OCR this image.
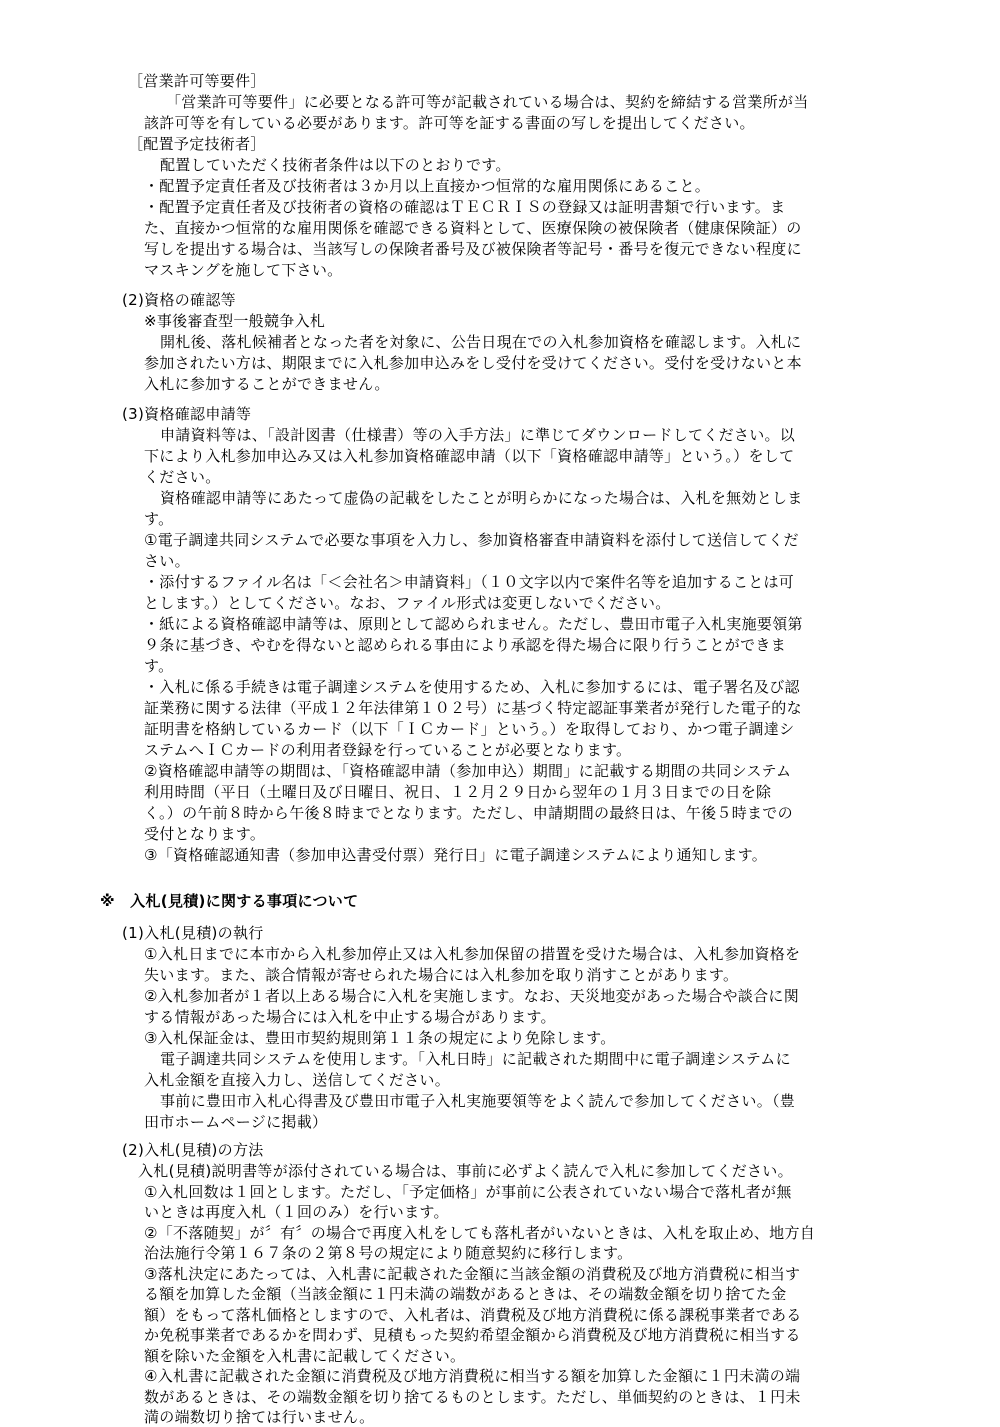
［営業許可等要件］
「営業許可等要件」に必要となる許可等が記載されている場合は、契約を締結する営業所が当
該許可等を有している必要があります。許可等を証する書面の写しを提出してください。
［配置予定技術者］
配置していただく技術者条件は以下のとおりです。
・配置予定責任者及び技術者は３か月以上直接かつ恒常的な雇用関係にあること。
・配置予定責任者及び技術者の資格の確認はＴＥＣＲＩＳの登録又は証明書類で行います。ま
た、直接かつ恒常的な雇用関係を確認できる資料として、医療保険の被保険者（健康保険証）の
写しを提出する場合は、当該写しの保険者番号及び被保険者等記号・番号を復元できない程度に
マスキングを施して下さい。
(2)資格の確認等
※事後審査型一般競争入札
開札後、落札候補者となった者を対象に、公告日現在での入札参加資格を確認します。入札に
参加されたい方は、期限までに入札参加申込みをし受付を受けてください。受付を受けないと本
入札に参加することができません。
(3)資格確認申請等
申請資料等は、「設計図書（仕様書）等の入手方法」に準じてダウンロードしてください。以
下により入札参加申込み又は入札参加資格確認申請（以下「資格確認申請等」という。）をして
ください。
資格確認申請等にあたって虚偽の記載をしたことが明らかになった場合は、入札を無効としま
す。
①電子調達共同システムで必要な事項を入力し、参加資格審査申請資料を添付して送信してくだ
さい。
・添付するファイル名は「＜会社名＞申請資料」（１０文字以内で案件名等を追加することは可
とします。）としてください。なお、ファイル形式は変更しないでください。
・紙による資格確認申請等は、原則として認められません。ただし、豊田市電子入札実施要領第
９条に基づき、やむを得ないと認められる事由により承認を得た場合に限り行うことができま
す。
・入札に係る手続きは電子調達システムを使用するため、入札に参加するには、電子署名及び認
証業務に関する法律（平成１２年法律第１０２号）に基づく特定認証事業者が発行した電子的な
証明書を格納しているカード（以下「ＩＣカード」という。）を取得しており、かつ電子調達シ
ステムへＩＣカードの利用者登録を行っていることが必要となります。
②資格確認申請等の期間は、「資格確認申請（参加申込）期間」に記載する期間の共同システム
利用時間（平日（土曜日及び日曜日、祝日、１２月２９日から翌年の１月３日までの日を除
く。）の午前８時から午後８時までとなります。ただし、申請期間の最終日は、午後５時までの
受付となります。
③「資格確認通知書（参加申込書受付票）発行日」に電子調達システムにより通知します。
※　入札(見積)に関する事項について
(1)入札(見積)の執行
①入札日までに本市から入札参加停止又は入札参加保留の措置を受けた場合は、入札参加資格を
失います。また、談合情報が寄せられた場合には入札参加を取り消すことがあります。
②入札参加者が１者以上ある場合に入札を実施します。なお、天災地変があった場合や談合に関
する情報があった場合には入札を中止する場合があります。
③入札保証金は、豊田市契約規則第１１条の規定により免除します。
電子調達共同システムを使用します。「入札日時」に記載された期間中に電子調達システムに
入札金額を直接入力し、送信してください。
事前に豊田市入札心得書及び豊田市電子入札実施要領等をよく読んで参加してください。（豊
田市ホームページに掲載）
(2)入札(見積)の方法
入札(見積)説明書等が添付されている場合は、事前に必ずよく読んで入札に参加してください。
①入札回数は１回とします。ただし、「予定価格」が事前に公表されていない場合で落札者が無
いときは再度入札（１回のみ）を行います。
②「不落随契」が〞有〞の場合で再度入札をしても落札者がいないときは、入札を取止め、地方自
治法施行令第１６７条の２第８号の規定により随意契約に移行します。
③落札決定にあたっては、入札書に記載された金額に当該金額の消費税及び地方消費税に相当す
る額を加算した金額（当該金額に１円未満の端数があるときは、その端数金額を切り捨てた金
額）をもって落札価格としますので、入札者は、消費税及び地方消費税に係る課税事業者である
か免税事業者であるかを問わず、見積もった契約希望金額から消費税及び地方消費税に相当する
額を除いた金額を入札書に記載してください。
④入札書に記載された金額に消費税及び地方消費税に相当する額を加算した金額に１円未満の端
数があるときは、その端数金額を切り捨てるものとします。ただし、単価契約のときは、１円未
満の端数切り捨ては行いません。
